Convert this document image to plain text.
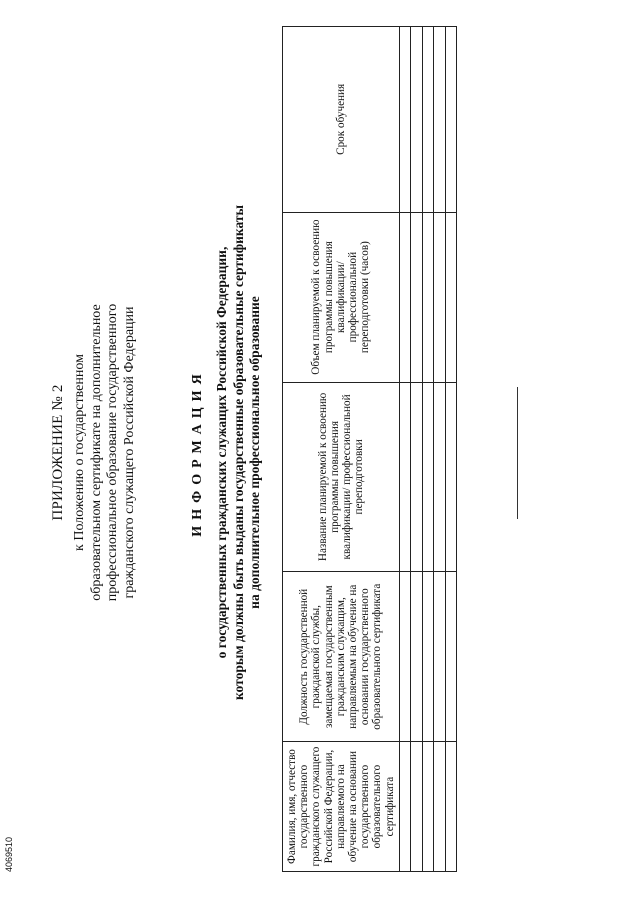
ПРИЛОЖЕНИЕ № 2 к Положению о государственном образовательном сертификате на дополнительное профессиональное образование государственного гражданского служащего Российской Федерации	ИНФОРМАЦИЯ о государственных гражданских служащих Российской Федерации, которым должны быть выданы государственные образовательные сертификаты на дополнительное профессиональное образование
Фамилия, имя, отчество государственного гражданского служащего Российской Федерации, направляемого на обучение на основании государственного образовательного сертификата	Должность государственной гражданской службы, замещаемая государственным гражданским служащим, направляемым на обучение на основании государственного образовательного сертификата	Название планируемой к освоению программы повышения квалификации/ профессиональной переподготовки	Объем планируемой к освоению программы повышения квалификации/ профессиональной переподготовки (часов)	Срок обучения

4069510
